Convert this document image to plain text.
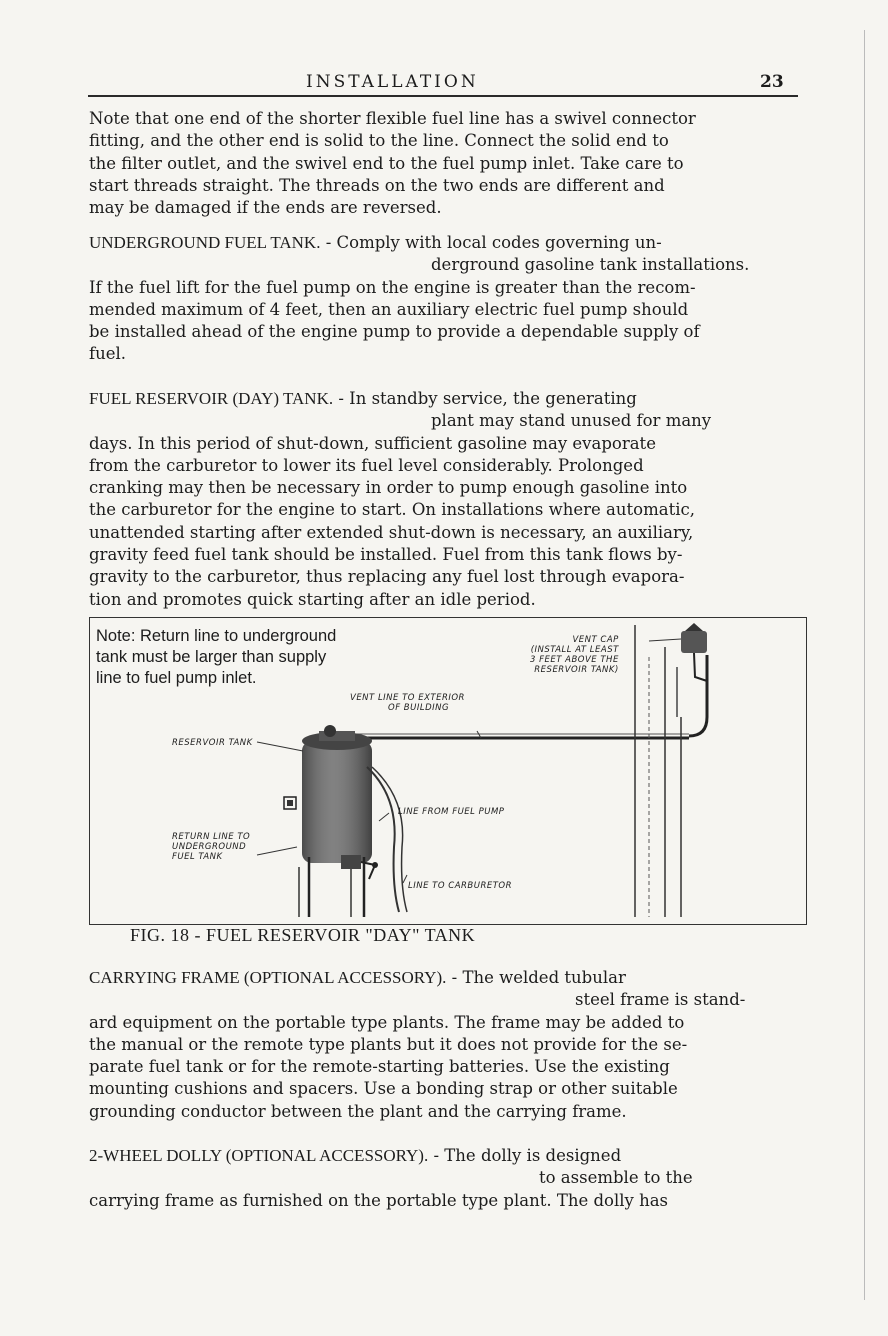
INSTALLATION	23

Note that one end of the shorter flexible fuel line has a swivel connector
fitting, and the other end is solid to the line. Connect the solid end to
the filter outlet, and the swivel end to the fuel pump inlet. Take care to
start threads straight. The threads on the two ends are different and
may be damaged if the ends are reversed.

UNDERGROUND FUEL TANK. - Comply with local codes governing un-
derground gasoline tank installations.
If the fuel lift for the fuel pump on the engine is greater than the recom-
mended maximum of 4 feet, then an auxiliary electric fuel pump should
be installed ahead of the engine pump to provide a dependable supply of
fuel.

FUEL RESERVOIR (DAY) TANK. - In standby service, the generating
plant may stand unused for many
days. In this period of shut-down, sufficient gasoline may evaporate
from the carburetor to lower its fuel level considerably. Prolonged
cranking may then be necessary in order to pump enough gasoline into
the carburetor for the engine to start. On installations where automatic,
unattended starting after extended shut-down is necessary, an auxiliary,
gravity feed fuel tank should be installed. Fuel from this tank flows by-
gravity to the carburetor, thus replacing any fuel lost through evapora-
tion and promotes quick starting after an idle period.

Note: Return line to underground
tank must be larger than supply
line to fuel pump inlet.
VENT CAP
(INSTALL AT LEAST
3 FEET ABOVE THE
RESERVOIR TANK)
VENT LINE TO EXTERIOR
OF BUILDING
RESERVOIR TANK
LINE FROM FUEL PUMP
RETURN LINE TO
UNDERGROUND
FUEL TANK
LINE TO CARBURETOR
FIG. 18 - FUEL RESERVOIR "DAY" TANK

CARRYING FRAME (OPTIONAL ACCESSORY). - The welded tubular
steel frame is stand-
ard equipment on the portable type plants. The frame may be added to
the manual or the remote type plants but it does not provide for the se-
parate fuel tank or for the remote-starting batteries. Use the existing
mounting cushions and spacers. Use a bonding strap or other suitable
grounding conductor between the plant and the carrying frame.

2-WHEEL DOLLY (OPTIONAL ACCESSORY). - The dolly is designed
to assemble to the
carrying frame as furnished on the portable type plant. The dolly has
